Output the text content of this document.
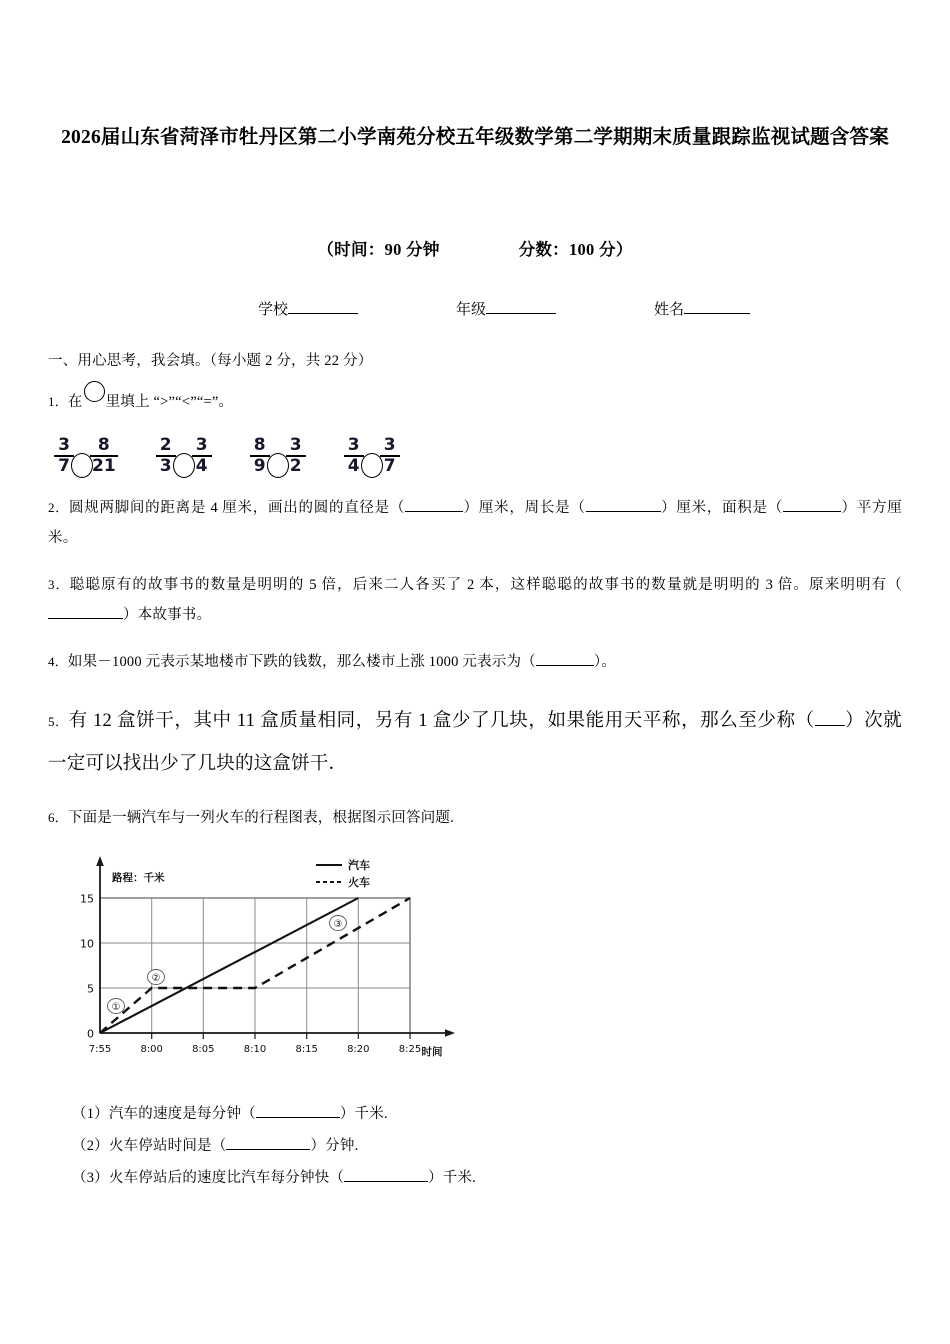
2026届山东省菏泽市牡丹区第二小学南苑分校五年级数学第二学期期末质量跟踪监视试题含答案
（时间：90 分钟	分数：100 分）
学校	年级	姓名
一、用心思考，我会填。（每小题 2 分，共 22 分）
1．在 里填上 “>”“<”“=”。
$\frac{3}{7} \frac{8}{21} \frac{2}{3} \frac{3}{4} \frac{8}{9} \frac{3}{2} \frac{3}{4} \frac{3}{7}$
2．圆规两脚间的距离是 4 厘米，画出的圆的直径是（	）厘米，周长是（	）厘米，面积是（	）平方厘米。
3．聪聪原有的故事书的数量是明明的 5 倍，后来二人各买了 2 本，这样聪聪的故事书的数量就是明明的 3 倍。原来明明有（）本故事书。
4．如果－1000 元表示某地楼市下跌的钱数，那么楼市上涨 1000 元表示为（	）。
5．有 12 盒饼干，其中 11 盒质量相同，另有 1 盒少了几块，如果能用天平称，那么至少称（ ）次就一定可以找出少了几块的这盒饼干．
6．下面是一辆汽车与一列火车的行程图表，根据图示回答问题.
路程：千米
15
10
5
0
7:55	8:00	8:05	8:10	8:15	8:20	8:25 时间
①
②
③
汽车
火车
（1）汽车的速度是每分钟（	）千米.
（2）火车停站时间是（	）分钟.
（3）火车停站后的速度比汽车每分钟快（	）千米.
